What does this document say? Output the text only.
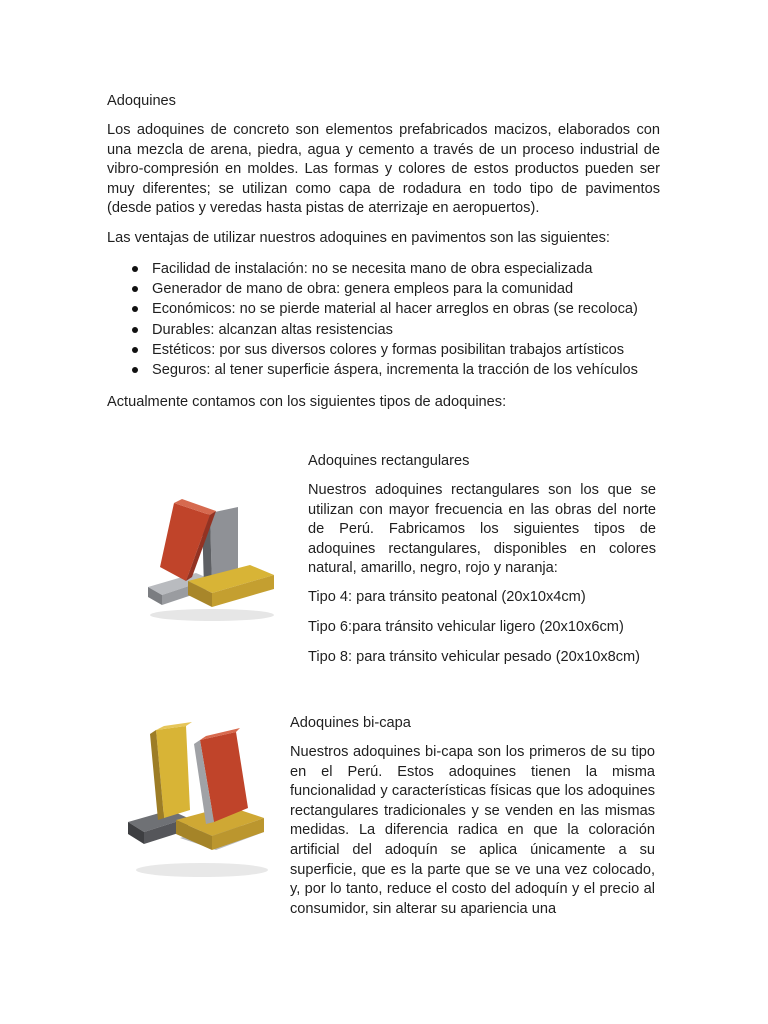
Adoquines
Los adoquines de concreto son elementos prefabricados macizos, elaborados con una mezcla de arena, piedra, agua y cemento a través de un proceso industrial de vibro-compresión en moldes. Las formas y colores de estos productos pueden ser muy diferentes; se utilizan como capa de rodadura en todo tipo de pavimentos (desde patios y veredas hasta pistas de aterrizaje en aeropuertos).
Las ventajas de utilizar nuestros adoquines en pavimentos son las siguientes:
Facilidad de instalación: no se necesita mano de obra especializada
Generador de mano de obra: genera empleos para la comunidad
Económicos: no se pierde material al hacer arreglos en obras (se recoloca)
Durables: alcanzan altas resistencias
Estéticos: por sus diversos colores y formas posibilitan trabajos artísticos
Seguros: al tener superficie áspera, incrementa la tracción de los vehículos
Actualmente contamos con los siguientes tipos de adoquines:
Adoquines rectangulares
Nuestros adoquines rectangulares son los que se utilizan con mayor frecuencia en las obras del norte de Perú. Fabricamos los siguientes tipos de adoquines rectangulares, disponibles en colores natural, amarillo, negro, rojo y naranja:
Tipo 4: para tránsito peatonal (20x10x4cm)
Tipo 6:para tránsito vehicular ligero (20x10x6cm)
Tipo 8: para tránsito vehicular pesado (20x10x8cm)
Adoquines bi-capa
Nuestros adoquines bi-capa son los primeros de su tipo en el Perú. Estos adoquines tienen la misma funcionalidad y características físicas que los adoquines rectangulares tradicionales y se venden en las mismas medidas. La diferencia radica en que la coloración artificial del adoquín se aplica únicamente a su superficie, que es la parte que se ve una vez colocado, y, por lo tanto, reduce el costo del adoquín y el precio al consumidor, sin alterar su apariencia una
